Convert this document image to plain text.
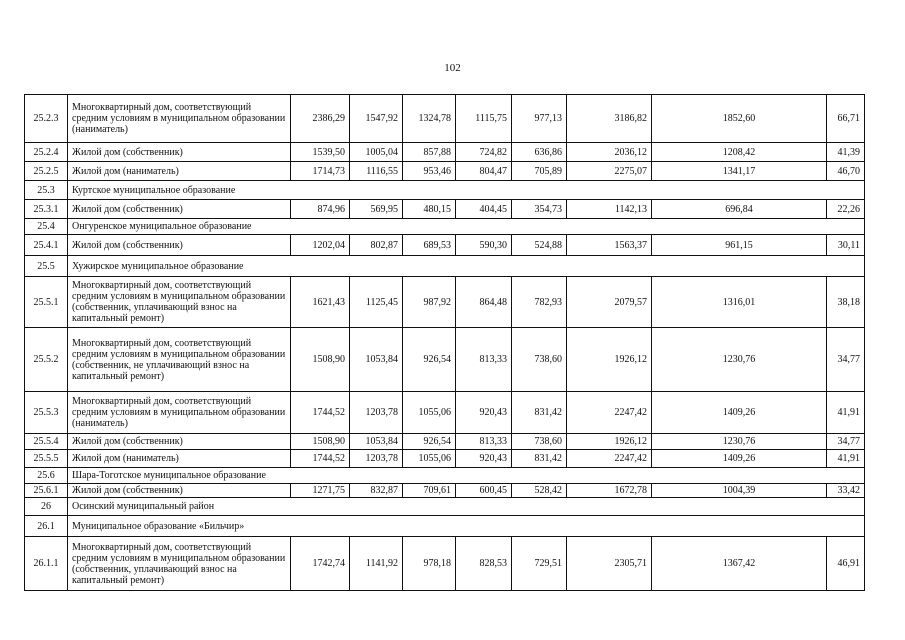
102
25.2.3	Многоквартирный дом, соответствующий средним условиям в муниципальном образовании (наниматель)	2386,29	1547,92	1324,78	1115,75	977,13	3186,82	1852,60	66,71
25.2.4	Жилой дом (собственник)	1539,50	1005,04	857,88	724,82	636,86	2036,12	1208,42	41,39
25.2.5	Жилой дом (наниматель)	1714,73	1116,55	953,46	804,47	705,89	2275,07	1341,17	46,70
25.3	Куртское муниципальное образование								
25.3.1	Жилой дом (собственник)	874,96	569,95	480,15	404,45	354,73	1142,13	696,84	22,26
25.4	Онгуренское муниципальное образование								
25.4.1	Жилой дом (собственник)	1202,04	802,87	689,53	590,30	524,88	1563,37	961,15	30,11
25.5	Хужирское муниципальное образование								
25.5.1	Многоквартирный дом, соответствующий средним условиям в муниципальном образовании (собственник, уплачивающий взнос на капитальный ремонт)	1621,43	1125,45	987,92	864,48	782,93	2079,57	1316,01	38,18
25.5.2	Многоквартирный дом, соответствующий средним условиям в муниципальном образовании (собственник, не уплачивающий взнос на капитальный ремонт)	1508,90	1053,84	926,54	813,33	738,60	1926,12	1230,76	34,77
25.5.3	Многоквартирный дом, соответствующий средним условиям в муниципальном образовании (наниматель)	1744,52	1203,78	1055,06	920,43	831,42	2247,42	1409,26	41,91
25.5.4	Жилой дом (собственник)	1508,90	1053,84	926,54	813,33	738,60	1926,12	1230,76	34,77
25.5.5	Жилой дом (наниматель)	1744,52	1203,78	1055,06	920,43	831,42	2247,42	1409,26	41,91
25.6	Шара-Тоготское муниципальное образование								
25.6.1	Жилой дом (собственник)	1271,75	832,87	709,61	600,45	528,42	1672,78	1004,39	33,42
26	Осинский муниципальный район								
26.1	Муниципальное образование «Бильчир»								
26.1.1	Многоквартирный дом, соответствующий средним условиям в муниципальном образовании (собственник, уплачивающий взнос на капитальный ремонт)	1742,74	1141,92	978,18	828,53	729,51	2305,71	1367,42	46,91
